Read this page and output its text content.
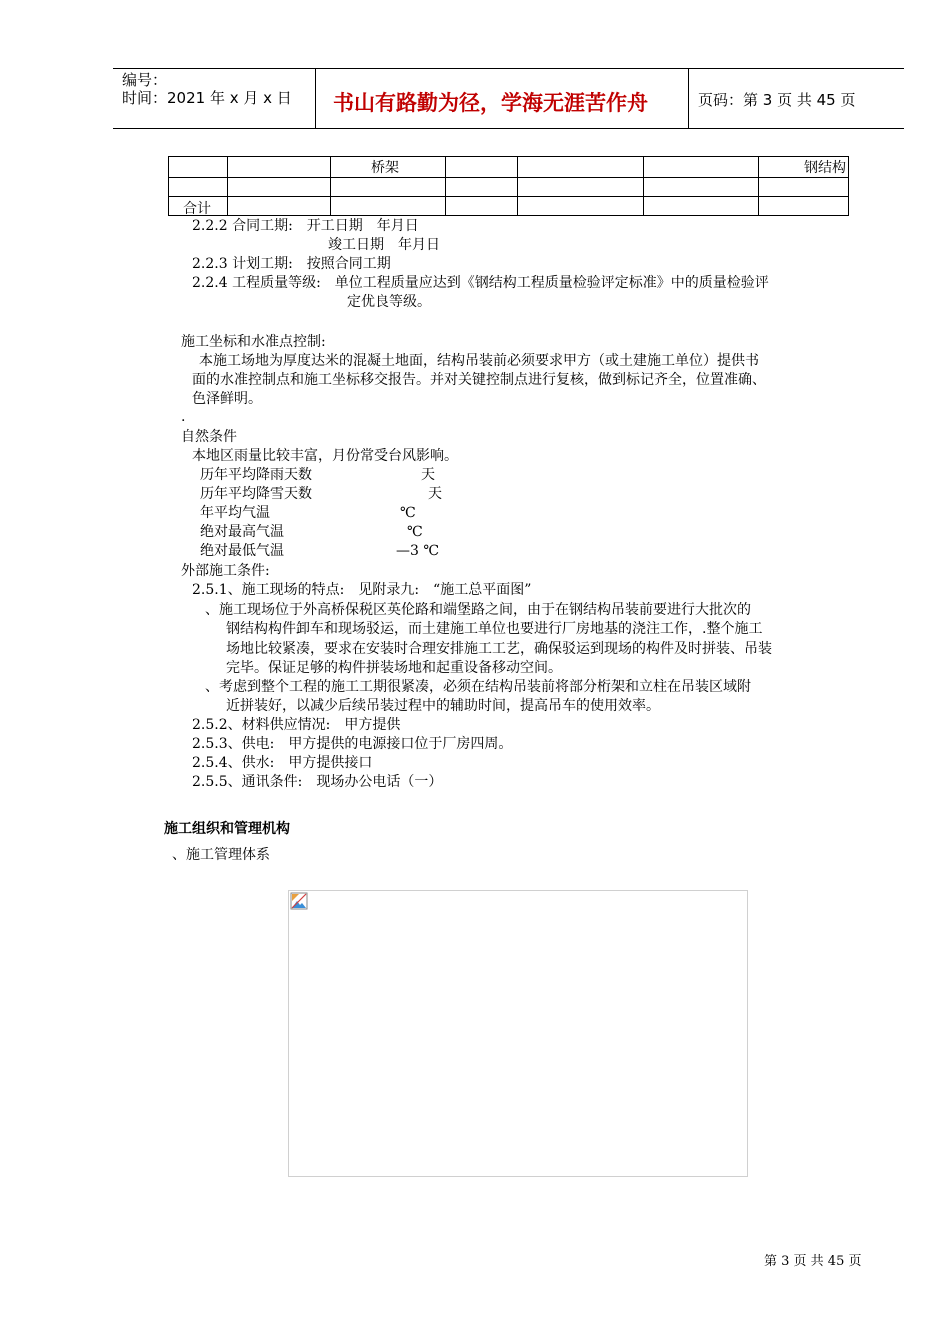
编号：
时间：2021 年 x 月 x 日 书山有路勤为径，学海无涯苦作舟	页码：第 3 页 共 45 页
		桥架				钢结构

合计						
2.2.2 合同工期:　开工日期　年月日
竣工日期　年月日
2.2.3 计划工期:　按照合同工期
2.2.4 工程质量等级:　单位工程质量应达到《钢结构工程质量检验评定标准》中的质量检验评
定优良等级。
施工坐标和水准点控制:
本施工场地为厚度达米的混凝土地面，结构吊装前必须要求甲方（或土建施工单位）提供书
面的水准控制点和施工坐标移交报告。并对关键控制点进行复核，做到标记齐全，位置准确、
色泽鲜明。
.
自然条件
本地区雨量比较丰富，月份常受台风影响。
历年平均降雨天数	天
历年平均降雪天数	天
年平均气温	℃
绝对最高气温	℃
绝对最低气温	—3 ℃
外部施工条件:
2.5.1、施工现场的特点:　见附录九:　“施工总平面图”
、施工现场位于外高桥保税区英伦路和端堡路之间，由于在钢结构吊装前要进行大批次的
钢结构构件卸车和现场驳运，而土建施工单位也要进行厂房地基的浇注工作，.整个施工
场地比较紧凑，要求在安装时合理安排施工工艺，确保驳运到现场的构件及时拼装、吊装
完毕。保证足够的构件拼装场地和起重设备移动空间。
、考虑到整个工程的施工工期很紧凑，必须在结构吊装前将部分桁架和立柱在吊装区域附
近拼装好，以减少后续吊装过程中的辅助时间，提高吊车的使用效率。
2.5.2、材料供应情况:　甲方提供
2.5.3、供电:　甲方提供的电源接口位于厂房四周。
2.5.4、供水:　甲方提供接口
2.5.5、通讯条件:　现场办公电话（一）
施工组织和管理机构
、施工管理体系
第 3 页 共 45 页
